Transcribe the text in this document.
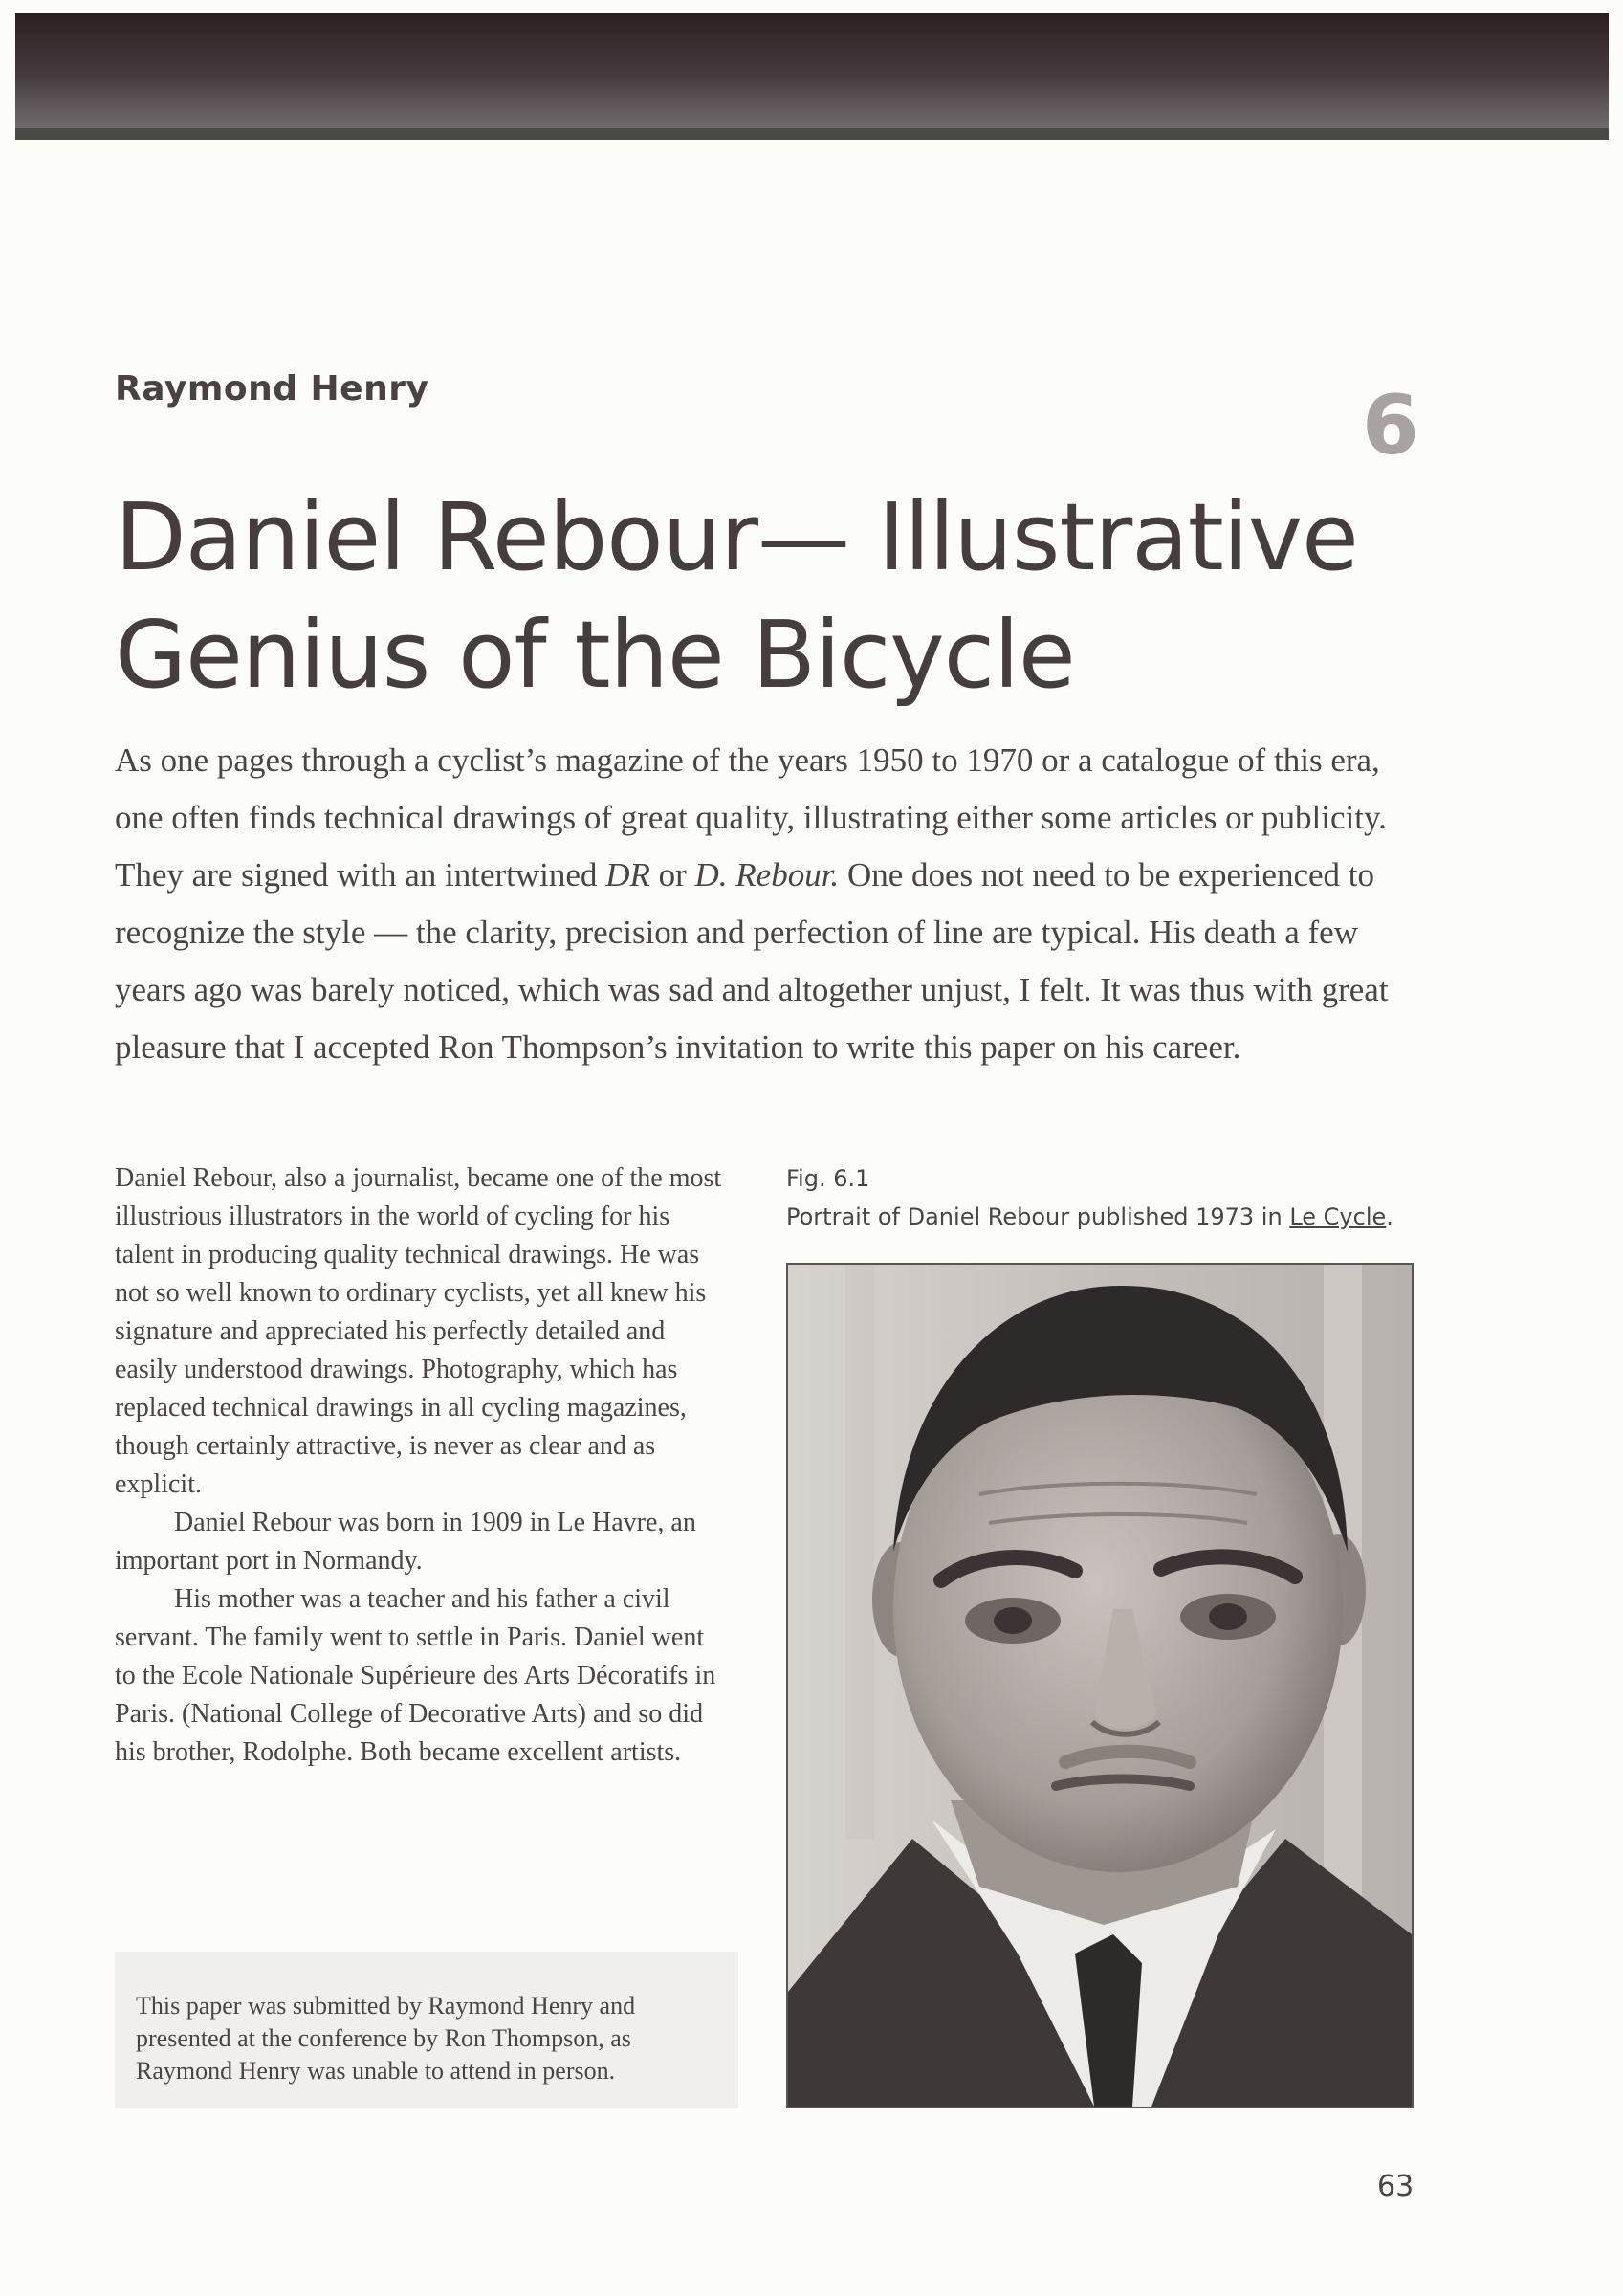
Raymond Henry	6
Daniel Rebour— Illustrative
Genius of the Bicycle
As one pages through a cyclist’s magazine of the years 1950 to 1970 or a catalogue of this era, one often finds technical drawings of great quality, illustrating either some articles or publicity. They are signed with an intertwined DR or D. Rebour. One does not need to be experienced to recognize the style — the clarity, precision and perfection of line are typical. His death a few years ago was barely noticed, which was sad and altogether unjust, I felt. It was thus with great pleasure that I accepted Ron Thompson’s invitation to write this paper on his career.

Daniel Rebour, also a journalist, became one of the most illustrious illustrators in the world of cycling for his talent in producing quality technical drawings. He was not so well known to ordinary cyclists, yet all knew his signature and appreciated his perfectly detailed and easily understood drawings. Photography, which has replaced technical drawings in all cycling magazines, though certainly attractive, is never as clear and as explicit.

Daniel Rebour was born in 1909 in Le Havre, an important port in Normandy.

His mother was a teacher and his father a civil servant. The family went to settle in Paris. Daniel went to the Ecole Nationale Supérieure des Arts Décoratifs in Paris. (National College of Decorative Arts) and so did his brother, Rodolphe. Both became excellent artists.

This paper was submitted by Raymond Henry and presented at the conference by Ron Thompson, as Raymond Henry was unable to attend in person.
Fig. 6.1
Portrait of Daniel Rebour published 1973 in Le Cycle.
63
